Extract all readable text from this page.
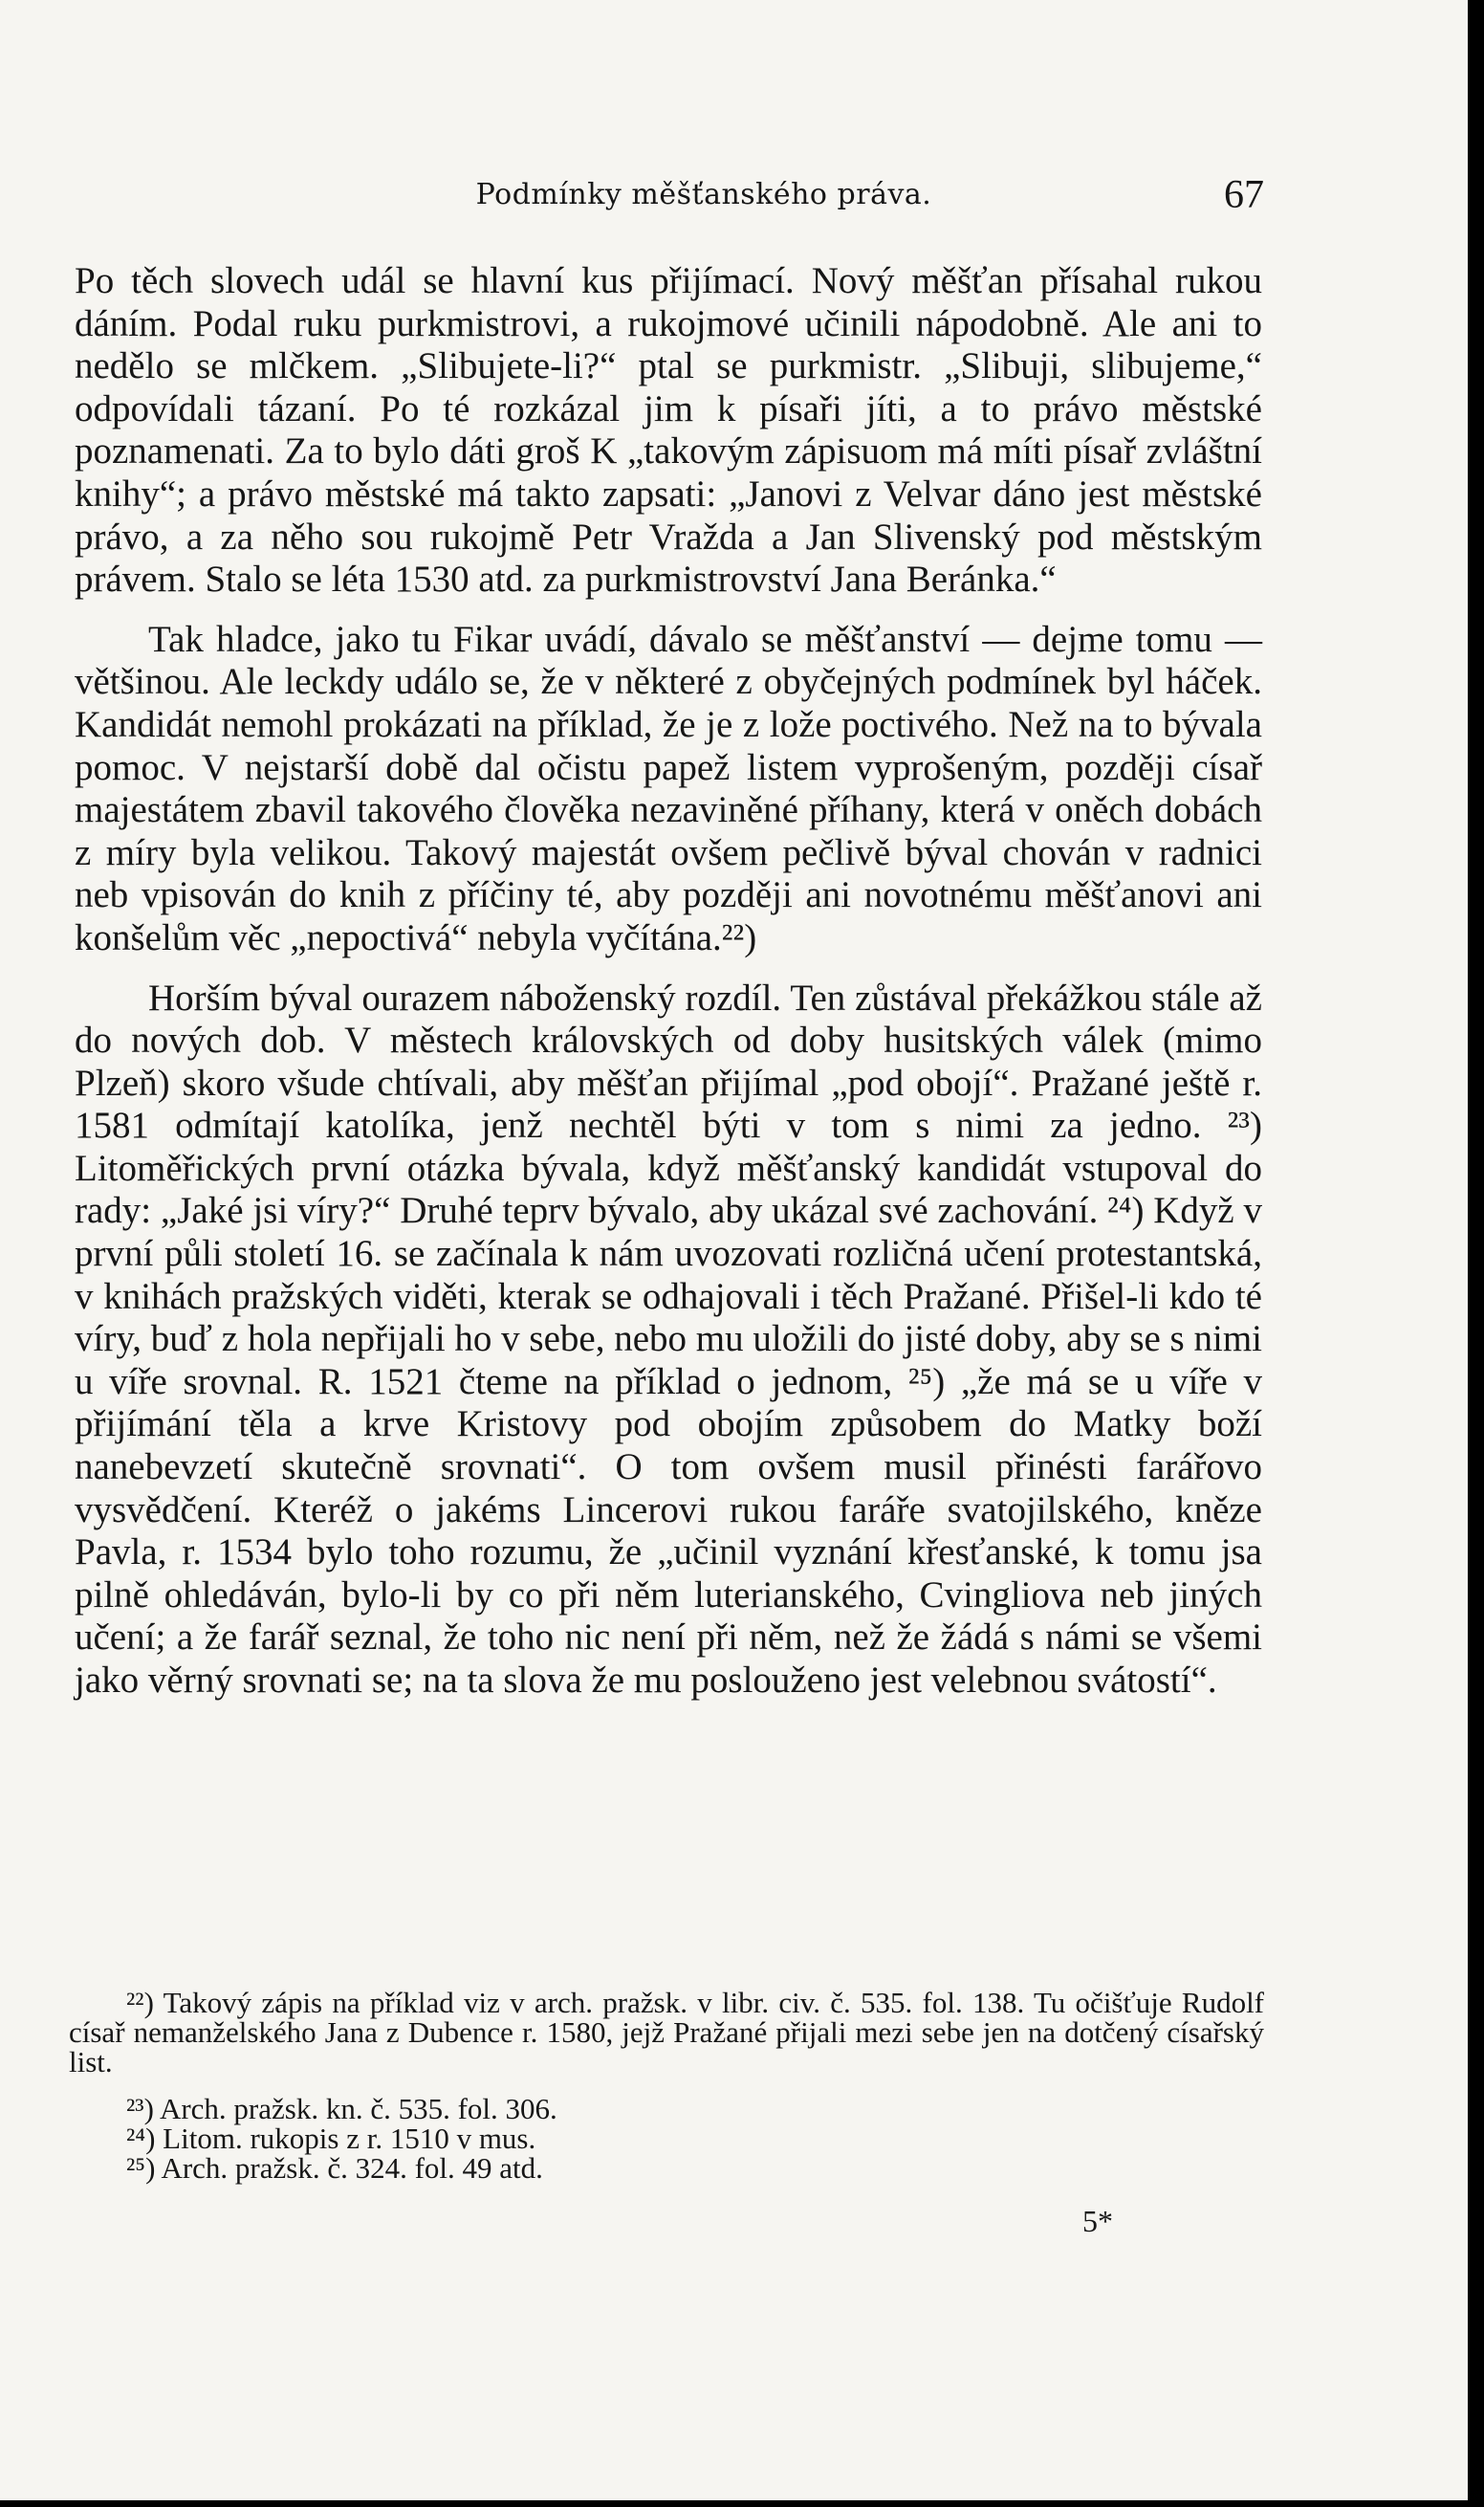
Podmínky měšťanského práva.	67

Po těch slovech udál se hlavní kus přijímací. Nový měšťan přísahal rukou dáním. Podal ruku purkmistrovi, a rukojmové učinili nápodobně. Ale ani to nedělo se mlčkem. „Slibujete-li?“ ptal se purkmistr. „Slibuji, slibujeme,“ odpovídali tázaní. Po té rozkázal jim k písaři jíti, a to právo městské poznamenati. Za to bylo dáti groš K „takovým zápisuom má míti písař zvláštní knihy“; a právo městské má takto zapsati: „Janovi z Velvar dáno jest městské právo, a za něho sou rukojmě Petr Vražda a Jan Slivenský pod městským právem. Stalo se léta 1530 atd. za purkmistrovství Jana Beránka.“

Tak hladce, jako tu Fikar uvádí, dávalo se měšťanství — dejme tomu — většinou. Ale leckdy událo se, že v některé z obyčejných podmínek byl háček. Kandidát nemohl prokázati na příklad, že je z lože poctivého. Než na to bývala pomoc. V nejstarší době dal očistu papež listem vyprošeným, později císař majestátem zbavil takového člověka nezaviněné příhany, která v oněch dobách z míry byla velikou. Takový majestát ovšem pečlivě býval chován v radnici neb vpisován do knih z příčiny té, aby později ani novotnému měšťanovi ani konšelům věc „nepoctivá“ nebyla vyčítána.²²)

Horším býval ourazem náboženský rozdíl. Ten zůstával překážkou stále až do nových dob. V městech královských od doby husitských válek (mimo Plzeň) skoro všude chtívali, aby měšťan přijímal „pod obojí“. Pražané ještě r. 1581 odmítají katolíka, jenž nechtěl býti v tom s nimi za jedno. ²³) Litoměřických první otázka bývala, když měšťanský kandidát vstupoval do rady: „Jaké jsi víry?“ Druhé teprv bývalo, aby ukázal své zachování. ²⁴) Když v první půli století 16. se začínala k nám uvozovati rozličná učení protestantská, v knihách pražských viděti, kterak se odhajovali i těch Pražané. Přišel-li kdo té víry, buď z hola nepřijali ho v sebe, nebo mu uložili do jisté doby, aby se s nimi u víře srovnal. R. 1521 čteme na příklad o jednom, ²⁵) „že má se u víře v přijímání těla a krve Kristovy pod obojím způsobem do Matky boží nanebevzetí skutečně srovnati“. O tom ovšem musil přinésti farářovo vysvědčení. Kteréž o jakéms Lincerovi rukou faráře svatojilského, kněze Pavla, r. 1534 bylo toho rozumu, že „učinil vyznání křesťanské, k tomu jsa pilně ohledáván, bylo-li by co při něm luterianského, Cvingliova neb jiných učení; a že farář seznal, že toho nic není při něm, než že žádá s námi se všemi jako věrný srovnati se; na ta slova že mu poslouženo jest velebnou svátostí“.

²²) Takový zápis na příklad viz v arch. pražsk. v libr. civ. č. 535. fol. 138. Tu očišťuje Rudolf císař nemanželského Jana z Dubence r. 1580, jejž Pražané přijali mezi sebe jen na dotčený císařský list.

²³) Arch. pražsk. kn. č. 535. fol. 306.

²⁴) Litom. rukopis z r. 1510 v mus.

²⁵) Arch. pražsk. č. 324. fol. 49 atd.

5*
